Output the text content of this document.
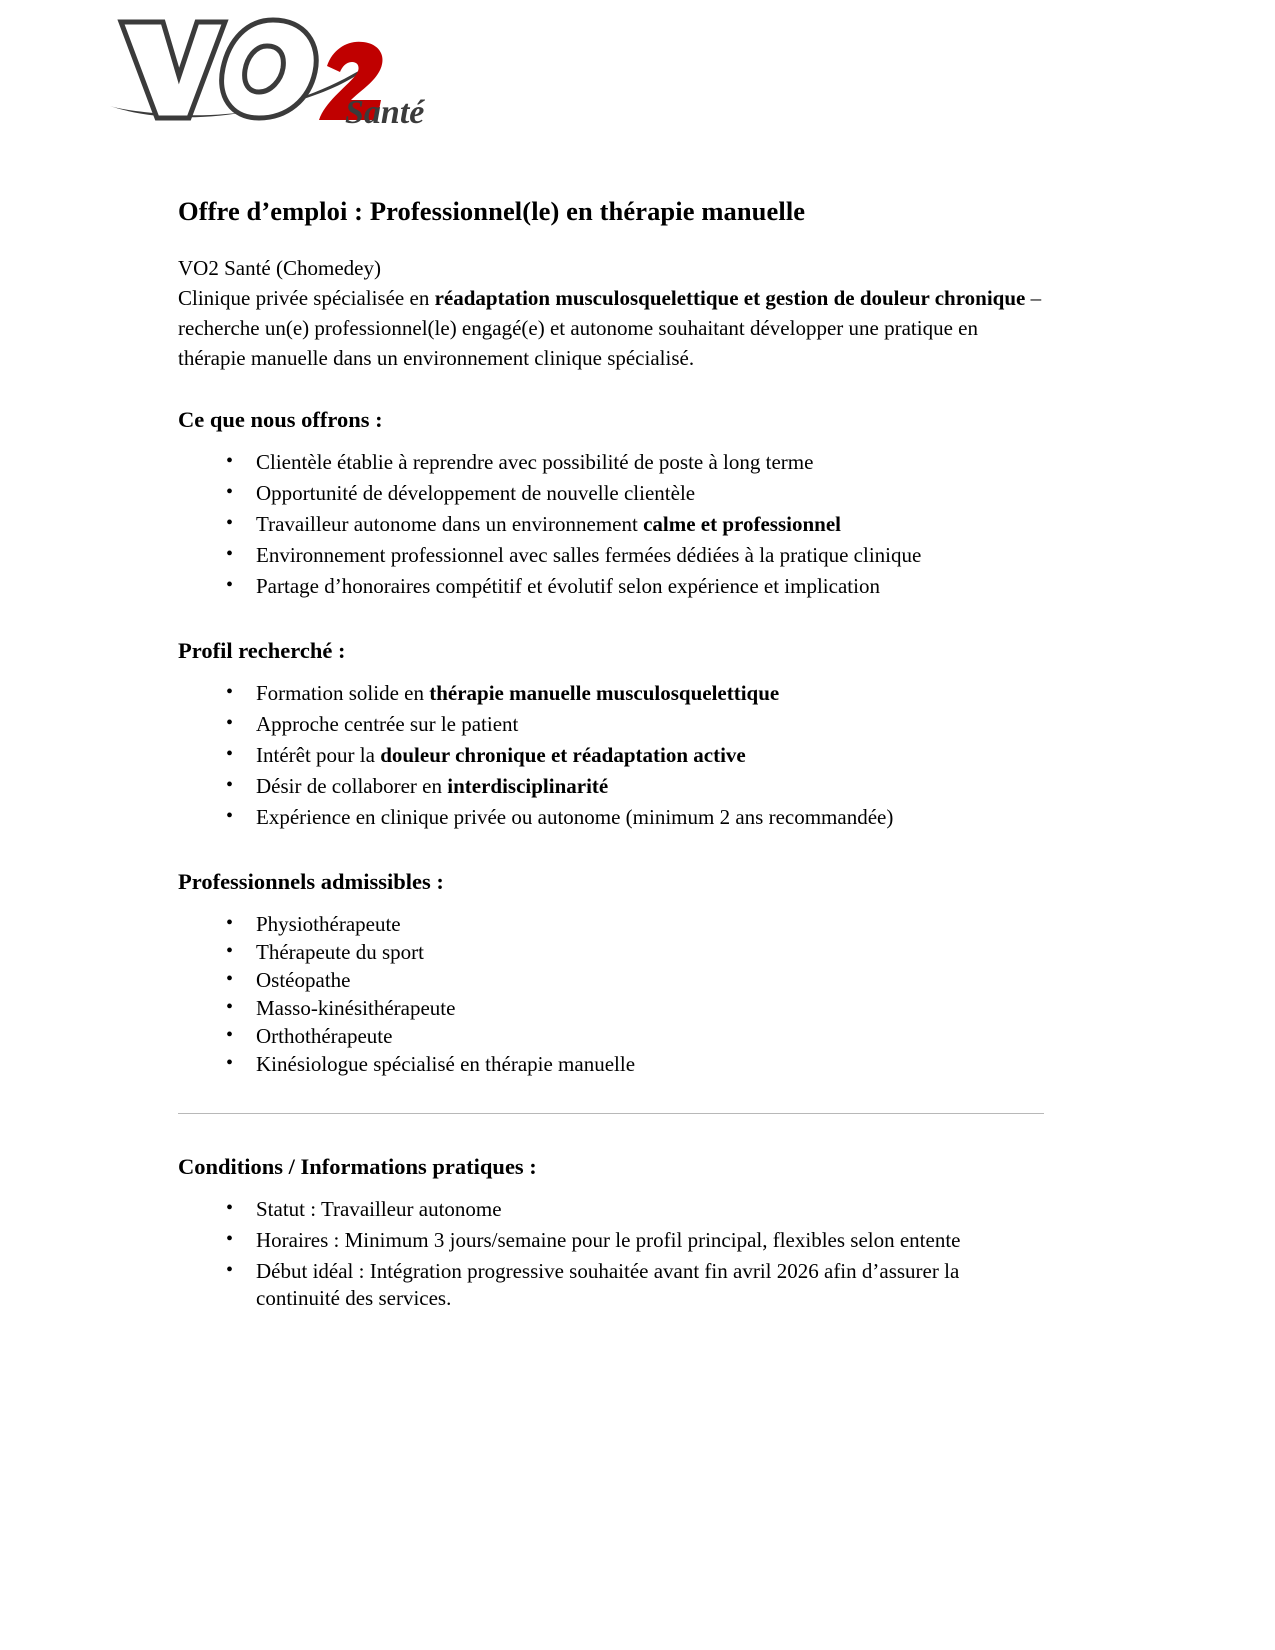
Santé
Offre d’emploi : Professionnel(le) en thérapie manuelle

VO2 Santé (Chomedey)
Clinique privée spécialisée en réadaptation musculosquelettique et gestion de douleur chronique – recherche un(e) professionnel(le) engagé(e) et autonome souhaitant développer une pratique en thérapie manuelle dans un environnement clinique spécialisé.

Ce que nous offrons :
• Clientèle établie à reprendre avec possibilité de poste à long terme
• Opportunité de développement de nouvelle clientèle
• Travailleur autonome dans un environnement calme et professionnel
• Environnement professionnel avec salles fermées dédiées à la pratique clinique
• Partage d’honoraires compétitif et évolutif selon expérience et implication
Profil recherché :
• Formation solide en thérapie manuelle musculosquelettique
• Approche centrée sur le patient
• Intérêt pour la douleur chronique et réadaptation active
• Désir de collaborer en interdisciplinarité
• Expérience en clinique privée ou autonome (minimum 2 ans recommandée)
Professionnels admissibles :
• Physiothérapeute
• Thérapeute du sport
• Ostéopathe
• Masso-kinésithérapeute
• Orthothérapeute
• Kinésiologue spécialisé en thérapie manuelle
Conditions / Informations pratiques :
• Statut : Travailleur autonome
• Horaires : Minimum 3 jours/semaine pour le profil principal, flexibles selon entente
• Début idéal : Intégration progressive souhaitée avant fin avril 2026 afin d’assurer la continuité des services.
